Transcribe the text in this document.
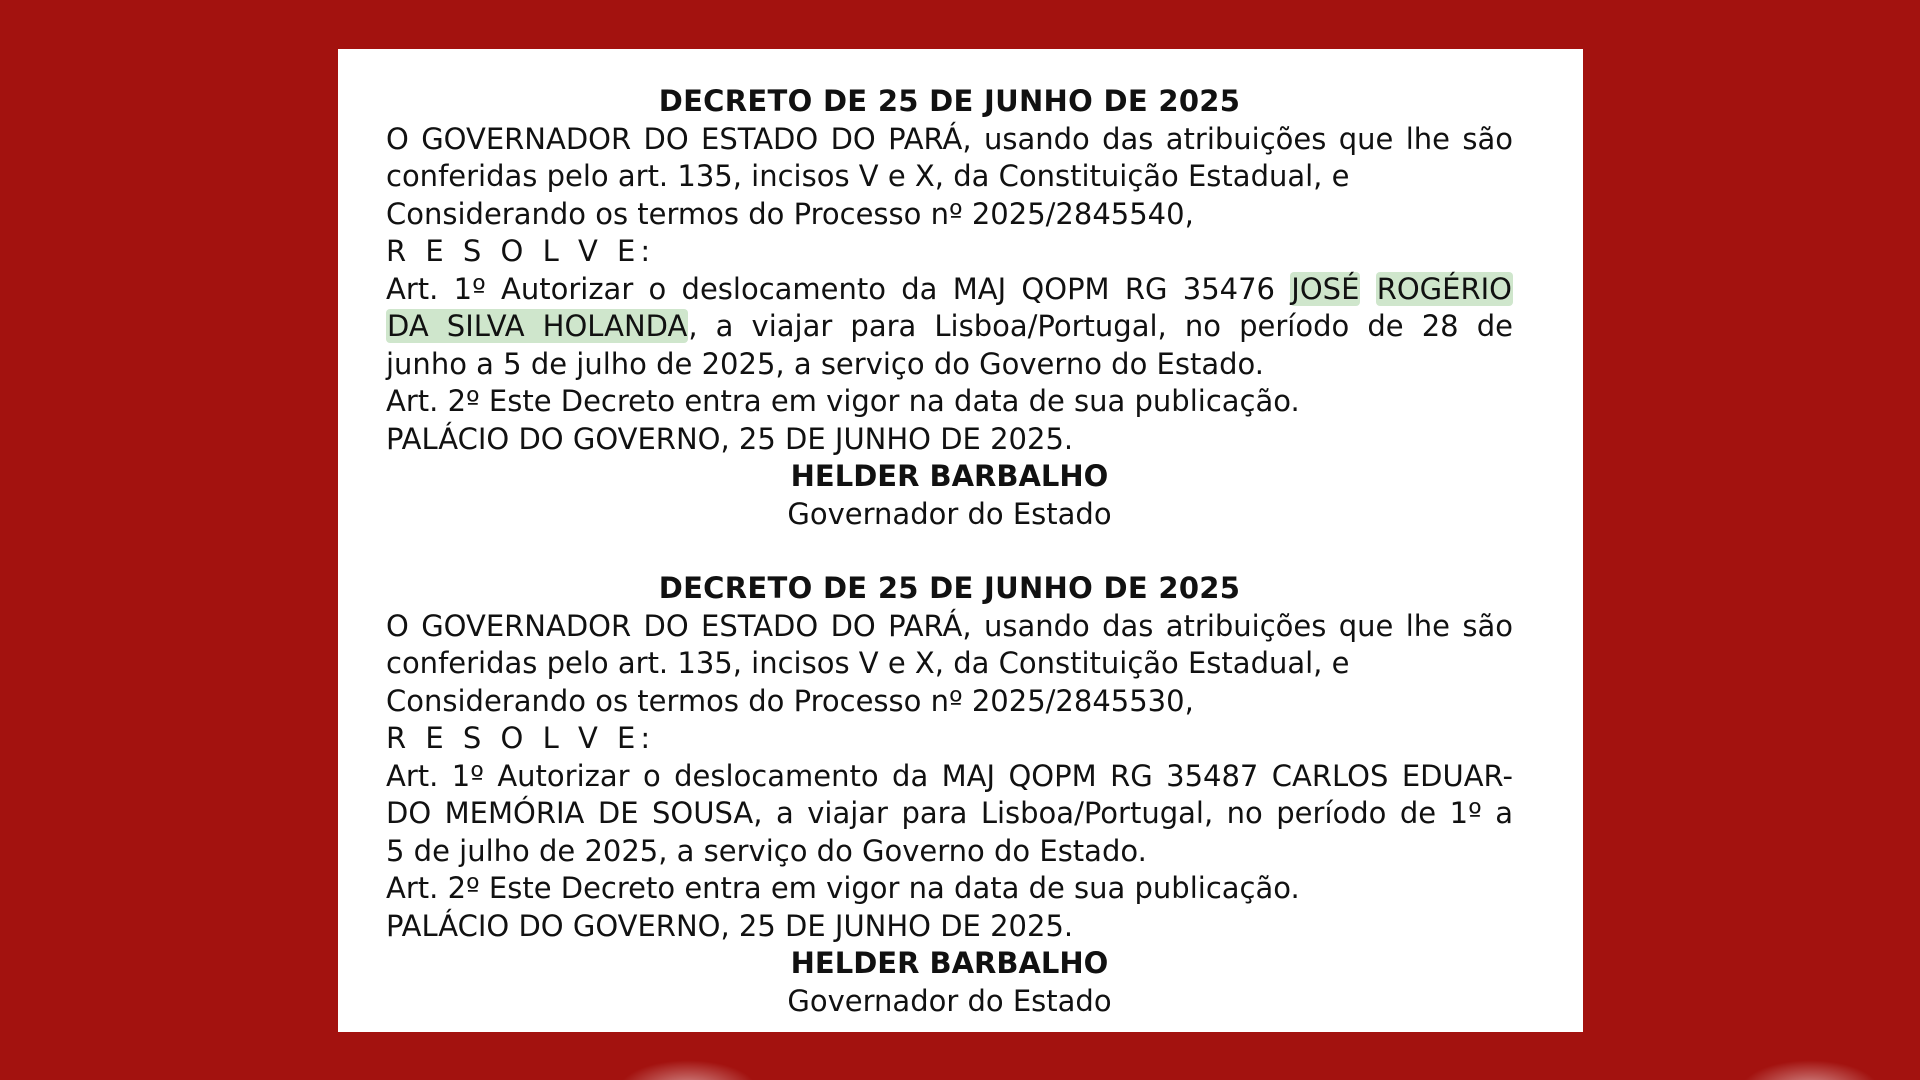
DECRETO DE 25 DE JUNHO DE 2025
O GOVERNADOR DO ESTADO DO PARÁ, usando das atribuições que lhe são
conferidas pelo art. 135, incisos V e X, da Constituição Estadual, e
Considerando os termos do Processo nº 2025/2845540,
R E S O L V E:
Art. 1º Autorizar o deslocamento da MAJ QOPM RG 35476 JOSÉ ROGÉRIO
DA SILVA HOLANDA, a viajar para Lisboa/Portugal, no período de 28 de
junho a 5 de julho de 2025, a serviço do Governo do Estado.
Art. 2º Este Decreto entra em vigor na data de sua publicação.
PALÁCIO DO GOVERNO, 25 DE JUNHO DE 2025.
HELDER BARBALHO
Governador do Estado
DECRETO DE 25 DE JUNHO DE 2025
O GOVERNADOR DO ESTADO DO PARÁ, usando das atribuições que lhe são
conferidas pelo art. 135, incisos V e X, da Constituição Estadual, e
Considerando os termos do Processo nº 2025/2845530,
R E S O L V E:
Art. 1º Autorizar o deslocamento da MAJ QOPM RG 35487 CARLOS EDUAR-
DO MEMÓRIA DE SOUSA, a viajar para Lisboa/Portugal, no período de 1º a
5 de julho de 2025, a serviço do Governo do Estado.
Art. 2º Este Decreto entra em vigor na data de sua publicação.
PALÁCIO DO GOVERNO, 25 DE JUNHO DE 2025.
HELDER BARBALHO
Governador do Estado
